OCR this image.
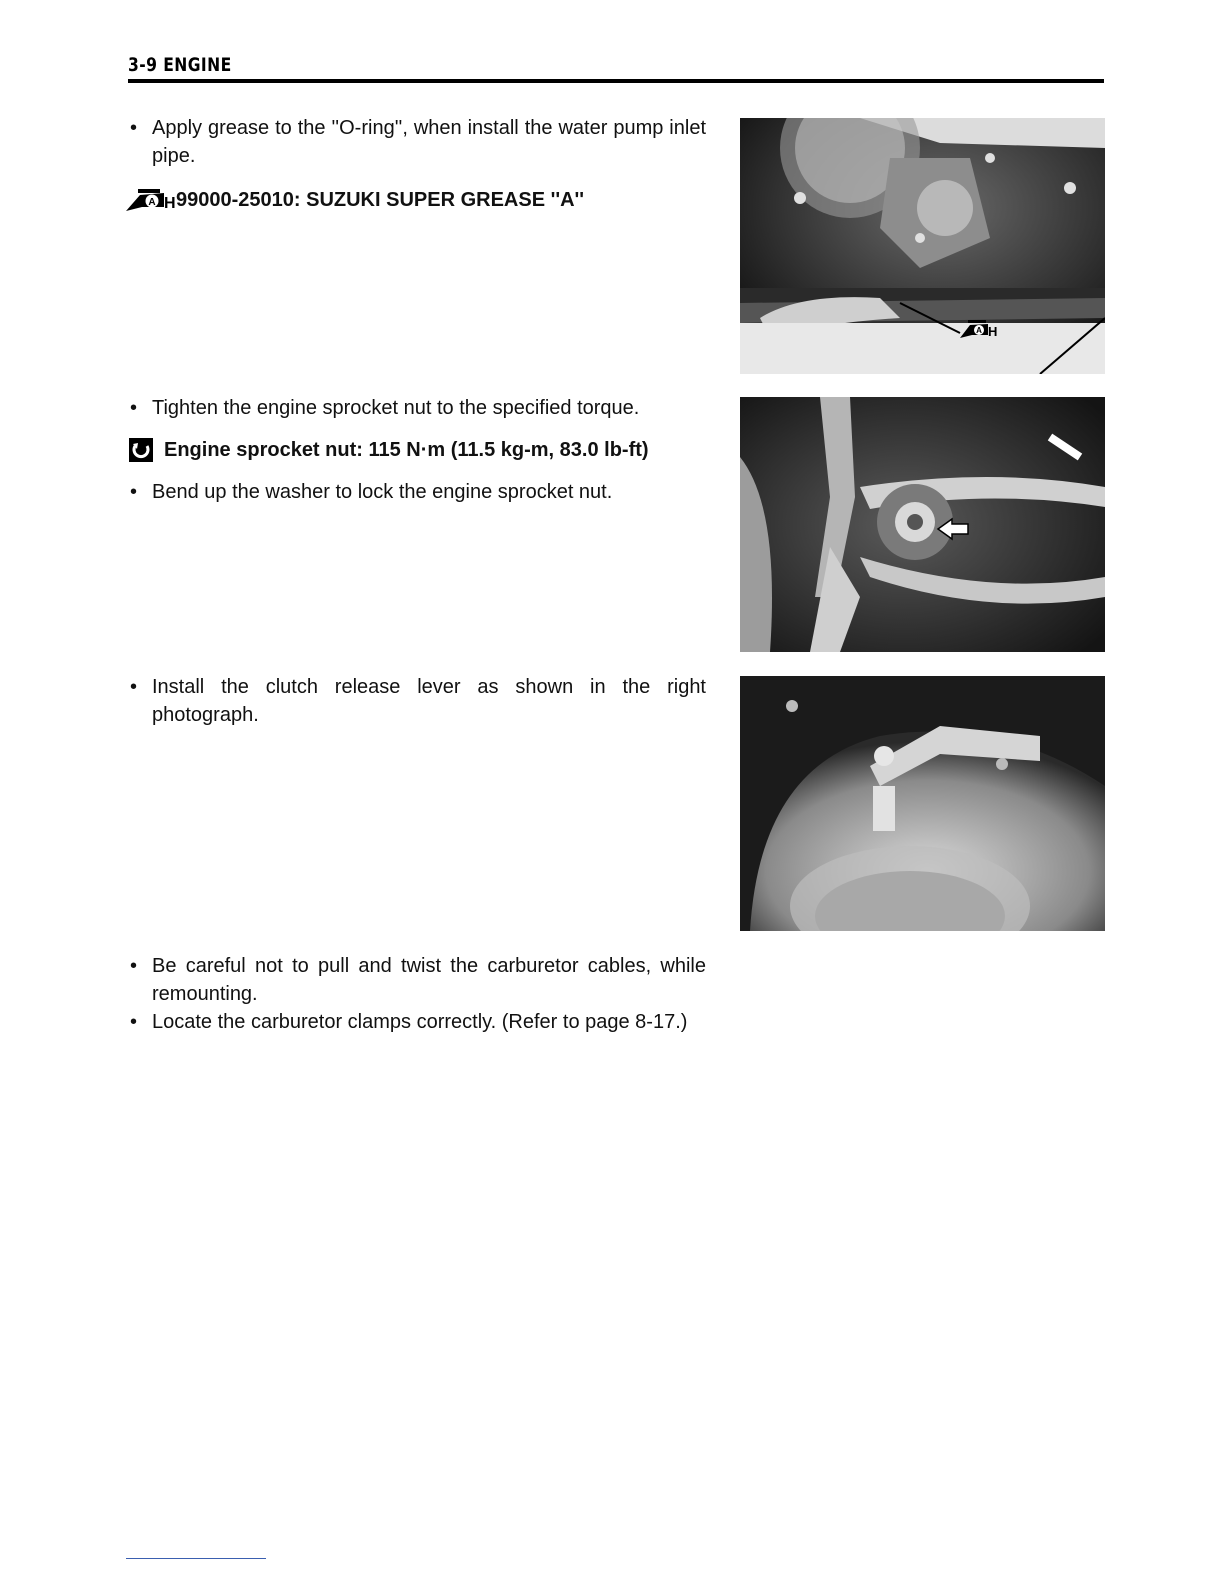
3-9 ENGINE

• Apply grease to the ''O-ring'', when install the water pump inlet pipe.

A H 99000-25010: SUZUKI SUPER GREASE ''A''

• Tighten the engine sprocket nut to the specified torque.

Engine sprocket nut: 115 N·m (11.5 kg-m, 83.0 lb-ft)

• Bend up the washer to lock the engine sprocket nut.

• Install the clutch release lever as shown in the right photograph.

• Be careful not to pull and twist the carburetor cables, while remounting.

• Locate the carburetor clamps correctly. (Refer to page 8-17.)

A H
